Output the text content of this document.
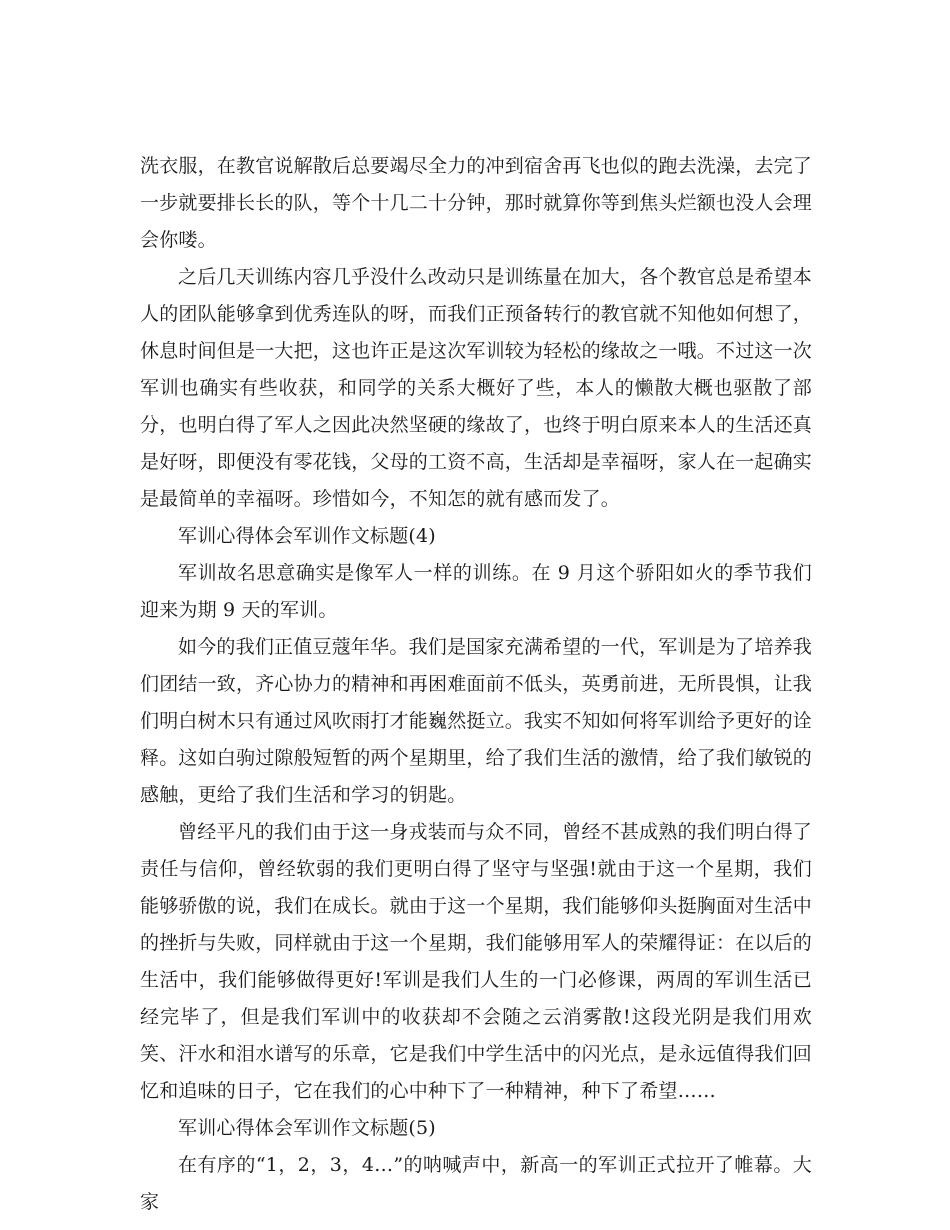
洗衣服，在教官说解散后总要竭尽全力的冲到宿舍再飞也似的跑去洗澡，去完了一步就要排长长的队，等个十几二十分钟，那时就算你等到焦头烂额也没人会理会你喽。

之后几天训练内容几乎没什么改动只是训练量在加大，各个教官总是希望本人的团队能够拿到优秀连队的呀，而我们正预备转行的教官就不知他如何想了，休息时间但是一大把，这也许正是这次军训较为轻松的缘故之一哦。不过这一次军训也确实有些收获，和同学的关系大概好了些，本人的懒散大概也驱散了部分，也明白得了军人之因此决然坚硬的缘故了，也终于明白原来本人的生活还真是好呀，即便没有零花钱，父母的工资不高，生活却是幸福呀，家人在一起确实是最简单的幸福呀。珍惜如今，不知怎的就有感而发了。

军训心得体会军训作文标题(4)

军训故名思意确实是像军人一样的训练。在 9 月这个骄阳如火的季节我们迎来为期 9 天的军训。

如今的我们正值豆蔻年华。我们是国家充满希望的一代，军训是为了培养我们团结一致，齐心协力的精神和再困难面前不低头，英勇前进，无所畏惧，让我们明白树木只有通过风吹雨打才能巍然挺立。我实不知如何将军训给予更好的诠释。这如白驹过隙般短暂的两个星期里，给了我们生活的激情，给了我们敏锐的感触，更给了我们生活和学习的钥匙。

曾经平凡的我们由于这一身戎装而与众不同，曾经不甚成熟的我们明白得了责任与信仰，曾经软弱的我们更明白得了坚守与坚强!就由于这一个星期，我们能够骄傲的说，我们在成长。就由于这一个星期，我们能够仰头挺胸面对生活中的挫折与失败，同样就由于这一个星期，我们能够用军人的荣耀得证：在以后的生活中，我们能够做得更好!军训是我们人生的一门必修课，两周的军训生活已经完毕了，但是我们军训中的收获却不会随之云消雾散!这段光阴是我们用欢笑、汗水和泪水谱写的乐章，它是我们中学生活中的闪光点，是永远值得我们回忆和追味的日子，它在我们的心中种下了一种精神，种下了希望……

军训心得体会军训作文标题(5)

在有序的“1，2，3，4…”的呐喊声中，新高一的军训正式拉开了帷幕。大家
